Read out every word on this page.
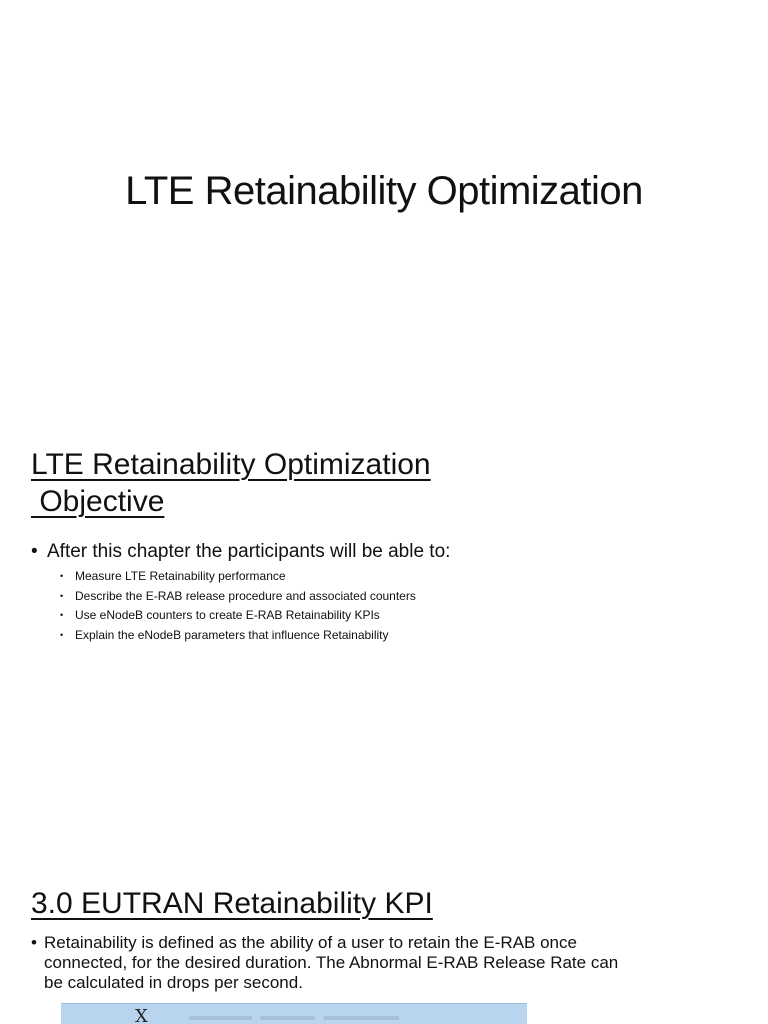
LTE Retainability Optimization
LTE Retainability Optimization
Objective
• After this chapter the participants will be able to:
• Measure LTE Retainability performance
• Describe the E-RAB release procedure and associated counters
• Use eNodeB counters to create E-RAB Retainability KPIs
• Explain the eNodeB parameters that influence Retainability
3.0 EUTRAN Retainability KPI
• Retainability is defined as the ability of a user to retain the E-RAB once connected, for the desired duration. The Abnormal E-RAB Release Rate can be calculated in drops per second.
X
